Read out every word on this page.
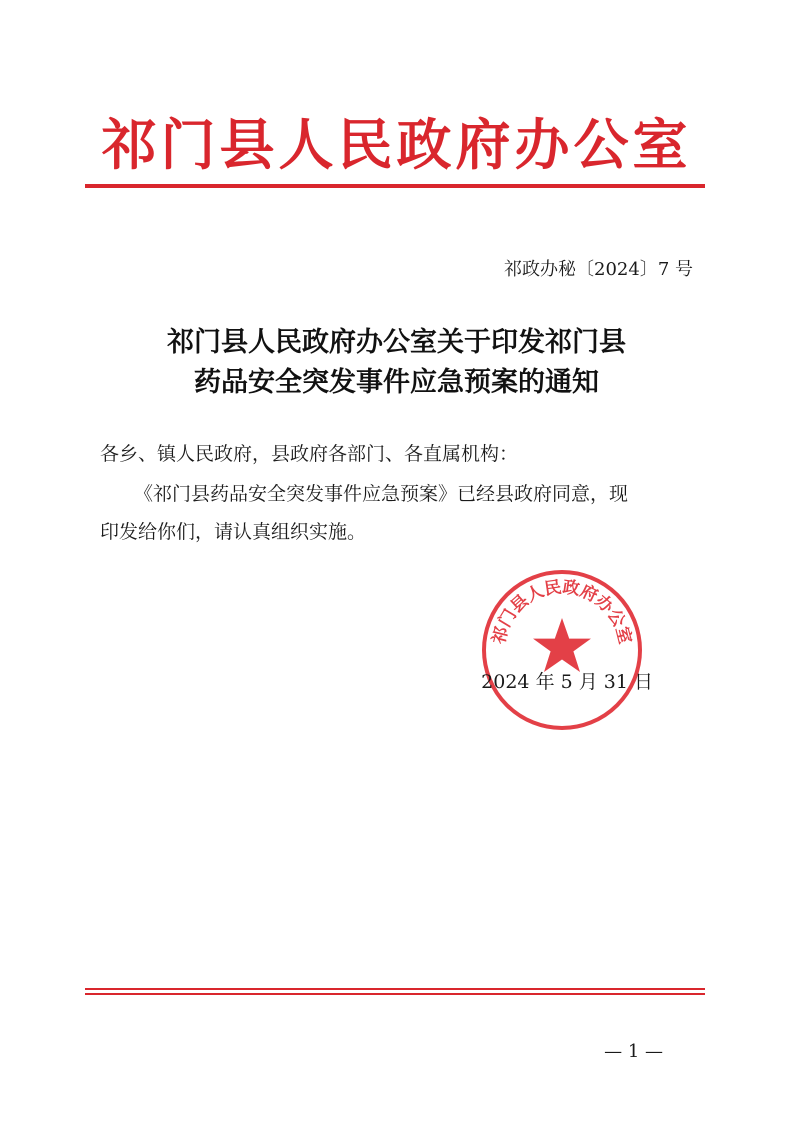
祁门县人民政府办公室
祁政办秘〔2024〕7 号
祁门县人民政府办公室关于印发祁门县
药品安全突发事件应急预案的通知
各乡、镇人民政府，县政府各部门、各直属机构：
《祁门县药品安全突发事件应急预案》已经县政府同意，现
印发给你们，请认真组织实施。
祁门县人民政府办公室
2024 年 5 月 31 日
— 1 —
